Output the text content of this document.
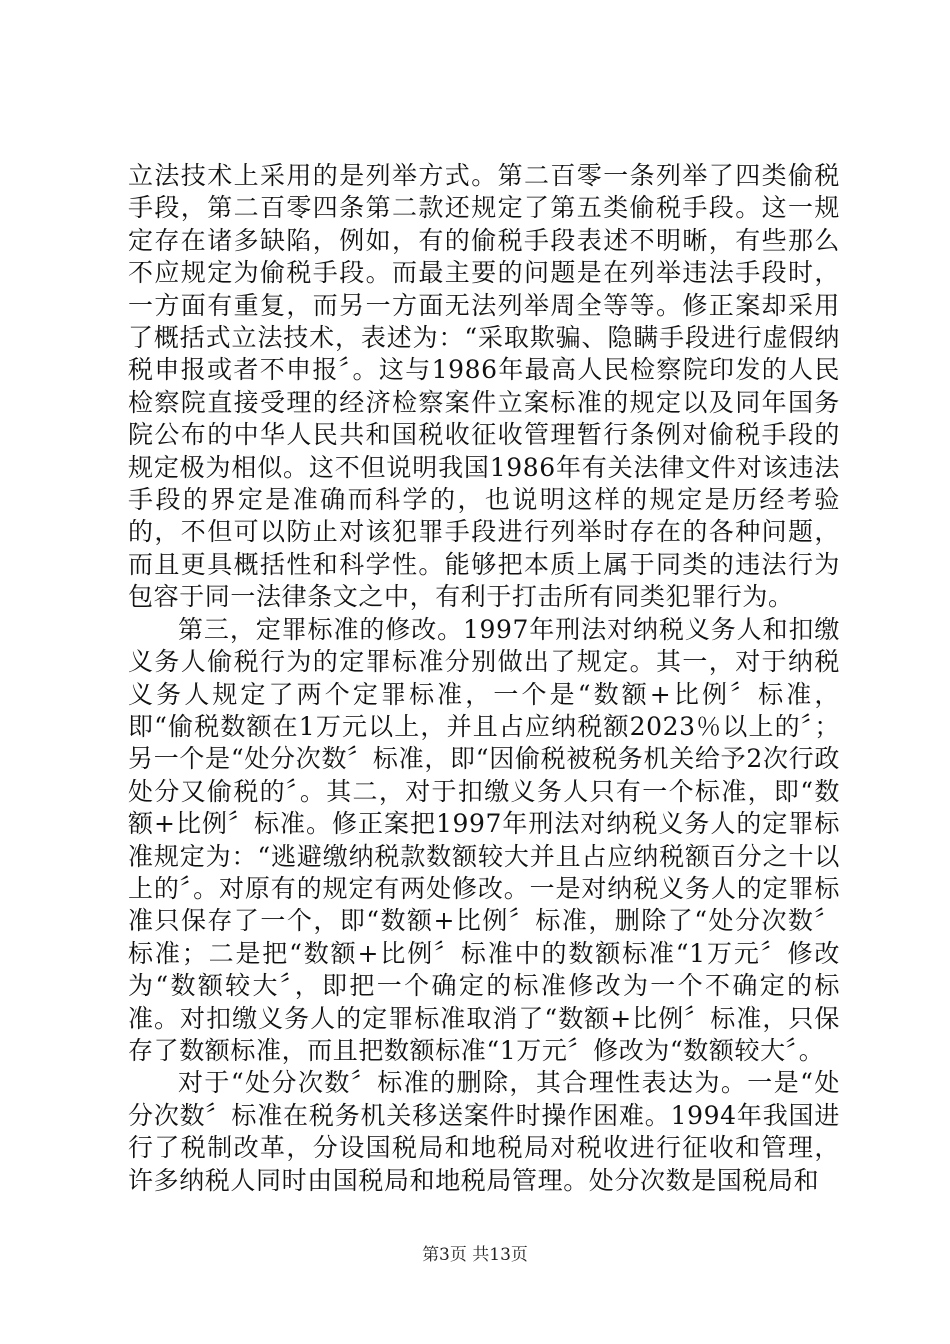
立法技术上采用的是列举方式。第二百零一条列举了四类偷税手段，第二百零四条第二款还规定了第五类偷税手段。这一规定存在诸多缺陷，例如，有的偷税手段表述不明晰，有些那么不应规定为偷税手段。而最主要的问题是在列举违法手段时，一方面有重复，而另一方面无法列举周全等等。修正案却采用了概括式立法技术，表述为：“采取欺骗、隐瞒手段进行虚假纳税申报或者不申报〞。这与1986年最高人民检察院印发的人民检察院直接受理的经济检察案件立案标准的规定以及同年国务院公布的中华人民共和国税收征收管理暂行条例对偷税手段的规定极为相似。这不但说明我国1986年有关法律文件对该违法手段的界定是准确而科学的，也说明这样的规定是历经考验的，不但可以防止对该犯罪手段进行列举时存在的各种问题，而且更具概括性和科学性。能够把本质上属于同类的违法行为包容于同一法律条文之中，有利于打击所有同类犯罪行为。

第三，定罪标准的修改。1997年刑法对纳税义务人和扣缴义务人偷税行为的定罪标准分别做出了规定。其一，对于纳税义务人规定了两个定罪标准，一个是“数额+比例〞标准，即“偷税数额在1万元以上，并且占应纳税额2023％以上的〞；另一个是“处分次数〞标准，即“因偷税被税务机关给予2次行政处分又偷税的〞。其二，对于扣缴义务人只有一个标准，即“数额+比例〞标准。修正案把1997年刑法对纳税义务人的定罪标准规定为：“逃避缴纳税款数额较大并且占应纳税额百分之十以上的〞。对原有的规定有两处修改。一是对纳税义务人的定罪标准只保存了一个，即“数额+比例〞标准，删除了“处分次数〞标准；二是把“数额+比例〞标准中的数额标准“1万元〞修改为“数额较大〞，即把一个确定的标准修改为一个不确定的标准。对扣缴义务人的定罪标准取消了“数额+比例〞标准，只保存了数额标准，而且把数额标准“1万元〞修改为“数额较大〞。

对于“处分次数〞标准的删除，其合理性表达为。一是“处分次数〞标准在税务机关移送案件时操作困难。1994年我国进行了税制改革，分设国税局和地税局对税收进行征收和管理，许多纳税人同时由国税局和地税局管理。处分次数是国税局和

第3页 共13页
